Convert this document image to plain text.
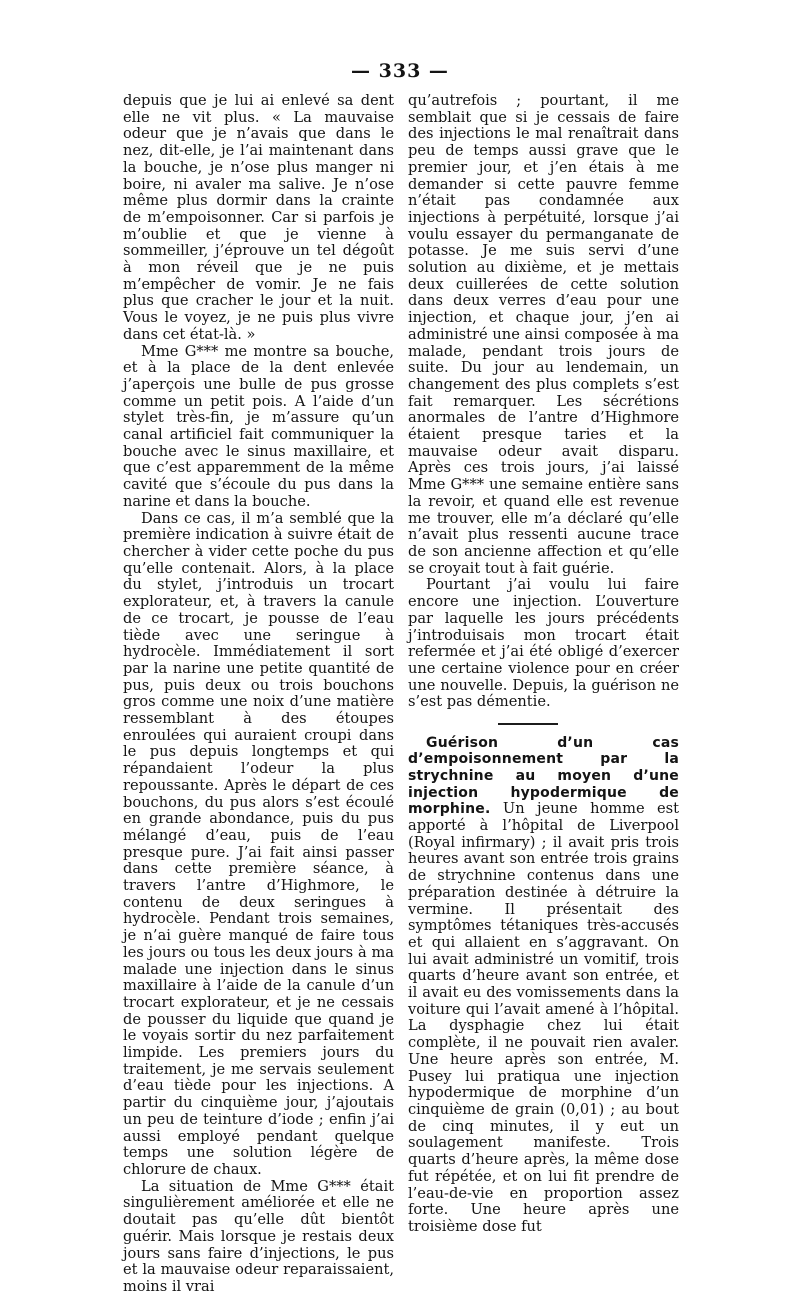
— 333 —

depuis que je lui ai enlevé sa dent elle ne vit plus. « La mauvaise odeur que je n’avais que dans le nez, dit-elle, je l’ai maintenant dans la bouche, je n’ose plus manger ni boire, ni avaler ma salive. Je n’ose même plus dormir dans la crainte de m’empoisonner. Car si parfois je m’oublie et que je vienne à sommeiller, j’éprouve un tel dégoût à mon réveil que je ne puis m’empêcher de vomir. Je ne fais plus que cracher le jour et la nuit. Vous le voyez, je ne puis plus vivre dans cet état-là. »

Mme G*** me montre sa bouche, et à la place de la dent enlevée j’aperçois une bulle de pus grosse comme un petit pois. A l’aide d’un stylet très-fin, je m’assure qu’un canal artificiel fait communiquer la bouche avec le sinus maxillaire, et que c’est apparemment de la même cavité que s’écoule du pus dans la narine et dans la bouche.

Dans ce cas, il m’a semblé que la première indication à suivre était de chercher à vider cette poche du pus qu’elle contenait. Alors, à la place du stylet, j’introduis un trocart explorateur, et, à travers la canule de ce trocart, je pousse de l’eau tiède avec une seringue à hydrocèle. Immédiatement il sort par la narine une petite quantité de pus, puis deux ou trois bouchons gros comme une noix d’une matière ressemblant à des étoupes enroulées qui auraient croupi dans le pus depuis longtemps et qui répandaient l’odeur la plus repoussante. Après le départ de ces bouchons, du pus alors s’est écoulé en grande abondance, puis du pus mélangé d’eau, puis de l’eau presque pure. J’ai fait ainsi passer dans cette première séance, à travers l’antre d’Highmore, le contenu de deux seringues à hydrocèle. Pendant trois semaines, je n’ai guère manqué de faire tous les jours ou tous les deux jours à ma malade une injection dans le sinus maxillaire à l’aide de la canule d’un trocart explorateur, et je ne cessais de pousser du liquide que quand je le voyais sortir du nez parfaitement limpide. Les premiers jours du traitement, je me servais seulement d’eau tiède pour les injections. A partir du cinquième jour, j’ajoutais un peu de teinture d’iode ; enfin j’ai aussi employé pendant quelque temps une solution légère de chlorure de chaux.

La situation de Mme G*** était singulièrement améliorée et elle ne doutait pas qu’elle dût bientôt guérir. Mais lorsque je restais deux jours sans faire d’injections, le pus et la mauvaise odeur reparaissaient, moins il vrai

qu’autrefois ; pourtant, il me semblait que si je cessais de faire des injections le mal renaîtrait dans peu de temps aussi grave que le premier jour, et j’en étais à me demander si cette pauvre femme n’était pas condamnée aux injections à perpétuité, lorsque j’ai voulu essayer du permanganate de potasse. Je me suis servi d’une solution au dixième, et je mettais deux cuillerées de cette solution dans deux verres d’eau pour une injection, et chaque jour, j’en ai administré une ainsi composée à ma malade, pendant trois jours de suite. Du jour au lendemain, un changement des plus complets s’est fait remarquer. Les sécrétions anormales de l’antre d’Highmore étaient presque taries et la mauvaise odeur avait disparu. Après ces trois jours, j’ai laissé Mme G*** une semaine entière sans la revoir, et quand elle est revenue me trouver, elle m’a déclaré qu’elle n’avait plus ressenti aucune trace de son ancienne affection et qu’elle se croyait tout à fait guérie.

Pourtant j’ai voulu lui faire encore une injection. L’ouverture par laquelle les jours précédents j’introduisais mon trocart était refermée et j’ai été obligé d’exercer une certaine violence pour en créer une nouvelle. Depuis, la guérison ne s’est pas démentie.

Guérison d’un cas d’empoisonnement par la strychnine au moyen d’une injection hypodermique de morphine. Un jeune homme est apporté à l’hôpital de Liverpool (Royal infirmary) ; il avait pris trois heures avant son entrée trois grains de strychnine contenus dans une préparation destinée à détruire la vermine. Il présentait des symptômes tétaniques très-accusés et qui allaient en s’aggravant. On lui avait administré un vomitif, trois quarts d’heure avant son entrée, et il avait eu des vomissements dans la voiture qui l’avait amené à l’hôpital. La dysphagie chez lui était complète, il ne pouvait rien avaler. Une heure après son entrée, M. Pusey lui pratiqua une injection hypodermique de morphine d’un cinquième de grain (0,01) ; au bout de cinq minutes, il y eut un soulagement manifeste. Trois quarts d’heure après, la même dose fut répétée, et on lui fit prendre de l’eau-de-vie en proportion assez forte. Une heure après une troisième dose fut
